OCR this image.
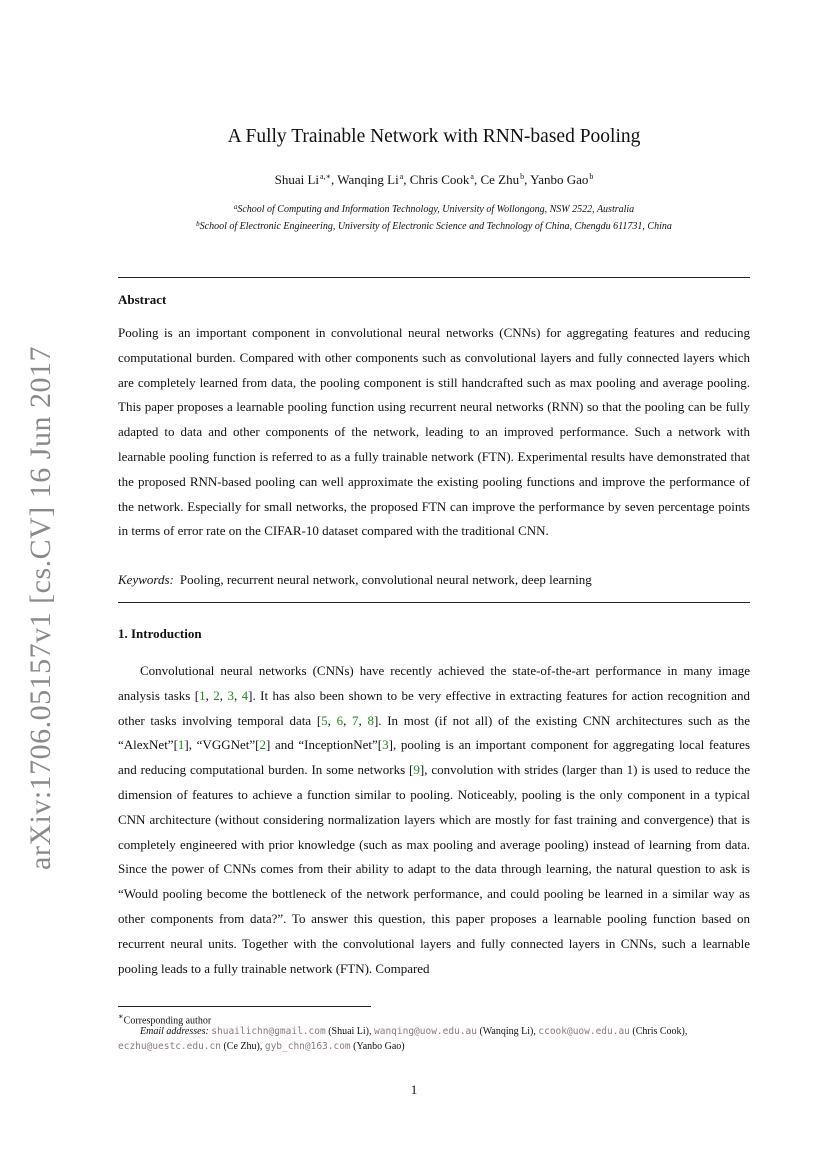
arXiv:1706.05157v1 [cs.CV] 16 Jun 2017
A Fully Trainable Network with RNN-based Pooling
Shuai $Li^{a,∗}$, Wanqing Li$^a$, Chris Cook$^a$, Ce Zhu$^b$, Yanbo Gao$^b$
$^a$School of Computing and Information Technology, University of Wollongong, NSW 2522, Australia
$^b$School of Electronic Engineering, University of Electronic Science and Technology of China, Chengdu 611731, China
Abstract
Pooling is an important component in convolutional neural networks (CNNs) for aggregating features and reducing computational burden. Compared with other components such as convolutional layers and fully connected layers which are completely learned from data, the pooling component is still handcrafted such as max pooling and average pooling. This paper proposes a learnable pooling function using recurrent neural networks (RNN) so that the pooling can be fully adapted to data and other components of the network, leading to an improved performance. Such a network with learnable pooling function is referred to as a fully trainable network (FTN). Experimental results have demonstrated that the proposed RNN-based pooling can well approximate the existing pooling functions and improve the performance of the network. Especially for small networks, the proposed FTN can improve the performance by seven percentage points in terms of error rate on the CIFAR-10 dataset compared with the traditional CNN.
Keywords: Pooling, recurrent neural network, convolutional neural network, deep learning
1. Introduction
Convolutional neural networks (CNNs) have recently achieved the state-of-the-art performance in many image analysis tasks [1, 2, 3, 4]. It has also been shown to be very effective in extracting features for action recognition and other tasks involving temporal data [5, 6, 7, 8]. In most (if not all) of the existing CNN architectures such as the “AlexNet”[1], “VGGNet”[2] and “InceptionNet”[3], pooling is an important component for aggregating local features and reducing computational burden. In some networks [9], convolution with strides (larger than 1) is used to reduce the dimension of features to achieve a function similar to pooling. Noticeably, pooling is the only component in a typical CNN architecture (without considering normalization layers which are mostly for fast training and convergence) that is completely engineered with prior knowledge (such as max pooling and average pooling) instead of learning from data. Since the power of CNNs comes from their ability to adapt to the data through learning, the natural question to ask is “Would pooling become the bottleneck of the network performance, and could pooling be learned in a similar way as other components from data?”. To answer this question, this paper proposes a learnable pooling function based on recurrent neural units. Together with the convolutional layers and fully connected layers in CNNs, such a learnable pooling leads to a fully trainable network (FTN). Compared
∗Corresponding author
Email addresses: shuailichn@gmail.com (Shuai Li), wanqing@uow.edu.au (Wanqing Li), ccook@uow.edu.au (Chris Cook), eczhu@uestc.edu.cn (Ce Zhu), gyb_chn@163.com (Yanbo Gao)
1
